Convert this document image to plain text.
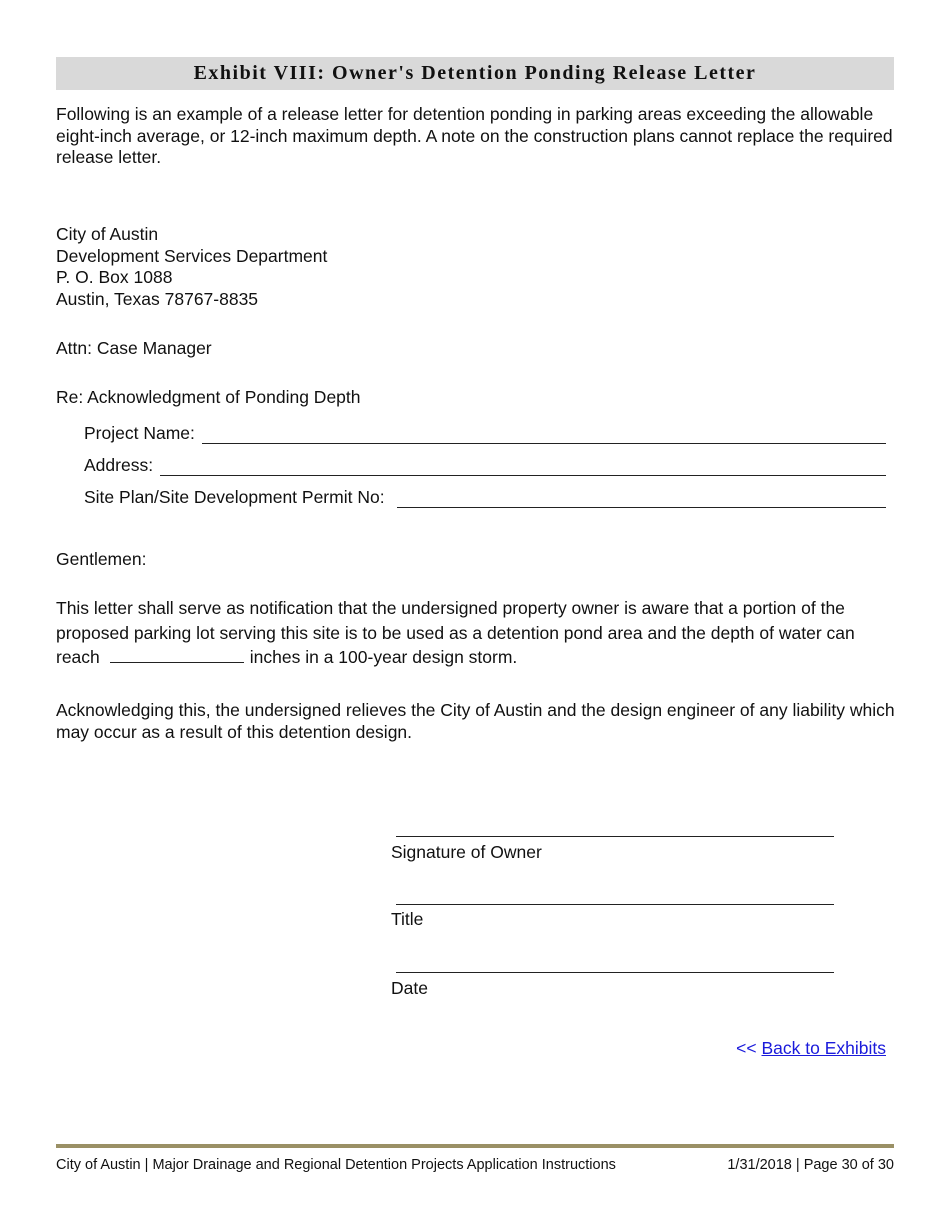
Exhibit VIII: Owner's Detention Ponding Release Letter
Following is an example of a release letter for detention ponding in parking areas exceeding the allowable eight-inch average, or 12-inch maximum depth. A note on the construction plans cannot replace the required release letter.
City of Austin
Development Services Department
P. O. Box 1088
Austin, Texas 78767-8835
Attn: Case Manager
Re: Acknowledgment of Ponding Depth
Project Name:
Address:
Site Plan/Site Development Permit No:
Gentlemen:
This letter shall serve as notification that the undersigned property owner is aware that a portion of the proposed parking lot serving this site is to be used as a detention pond area and the depth of water can reach	inches in a 100-year design storm.
Acknowledging this, the undersigned relieves the City of Austin and the design engineer of any liability which may occur as a result of this detention design.
Signature of Owner
Title
Date
<< Back to Exhibits
City of Austin | Major Drainage and Regional Detention Projects Application Instructions	1/31/2018 | Page 30 of 30
